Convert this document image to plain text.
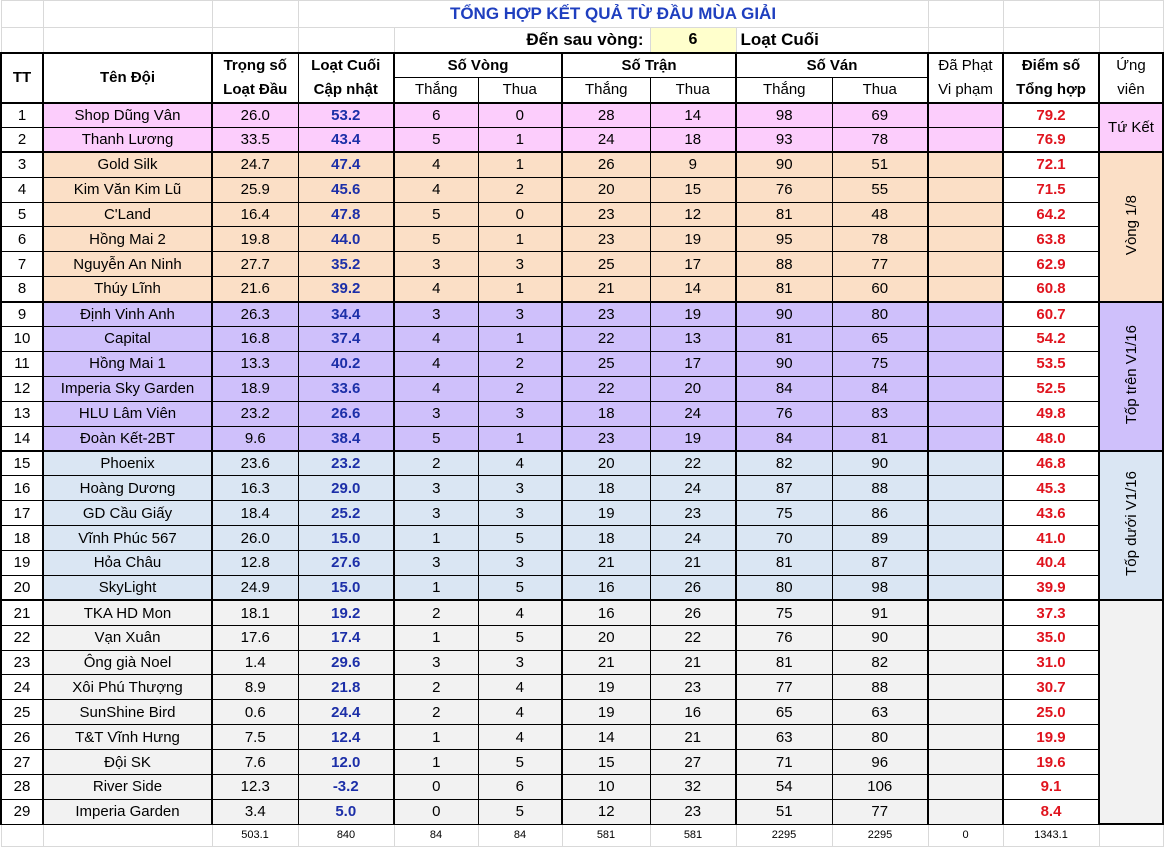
			TỔNG HỢP KẾT QUẢ TỪ ĐẦU MÙA GIẢI									
				Đến sau vòng:			6	Loạt Cuối				
TT	Tên Đội	Trọng số	Loạt Cuối	Số Vòng		Số Trận		Số Ván		Đã Phạt	Điểm số	Ứng
		Loạt Đầu	Cập nhật	Thắng	Thua	Thắng	Thua	Thắng	Thua	Vi phạm	Tổng hợp	viên
1	Shop Dũng Vân	26.0	53.2	6	0	28	14	98	69		79.2	Tứ Kết
2	Thanh Lương	33.5	43.4	5	1	24	18	93	78		76.9	
3	Gold Silk	24.7	47.4	4	1	26	9	90	51		72.1	Vòng 1/8
4	Kim Văn Kim Lũ	25.9	45.6	4	2	20	15	76	55		71.5	
5	C'Land	16.4	47.8	5	0	23	12	81	48		64.2	
6	Hồng Mai 2	19.8	44.0	5	1	23	19	95	78		63.8	
7	Nguyễn An Ninh	27.7	35.2	3	3	25	17	88	77		62.9	
8	Thúy Lĩnh	21.6	39.2	4	1	21	14	81	60		60.8	
9	Định Vinh Anh	26.3	34.4	3	3	23	19	90	80		60.7	Tốp trên V1/16
10	Capital	16.8	37.4	4	1	22	13	81	65		54.2	
11	Hồng Mai 1	13.3	40.2	4	2	25	17	90	75		53.5	
12	Imperia Sky Garden	18.9	33.6	4	2	22	20	84	84		52.5	
13	HLU Lâm Viên	23.2	26.6	3	3	18	24	76	83		49.8	
14	Đoàn Kết-2BT	9.6	38.4	5	1	23	19	84	81		48.0	
15	Phoenix	23.6	23.2	2	4	20	22	82	90		46.8	Tốp dưới V1/16
16	Hoàng Dương	16.3	29.0	3	3	18	24	87	88		45.3	
17	GD Cầu Giấy	18.4	25.2	3	3	19	23	75	86		43.6	
18	Vĩnh Phúc 567	26.0	15.0	1	5	18	24	70	89		41.0	
19	Hỏa Châu	12.8	27.6	3	3	21	21	81	87		40.4	
20	SkyLight	24.9	15.0	1	5	16	26	80	98		39.9	
21	TKA HD Mon	18.1	19.2	2	4	16	26	75	91		37.3	
22	Vạn Xuân	17.6	17.4	1	5	20	22	76	90		35.0	
23	Ông già Noel	1.4	29.6	3	3	21	21	81	82		31.0	
24	Xôi Phú Thượng	8.9	21.8	2	4	19	23	77	88		30.7	
25	SunShine Bird	0.6	24.4	2	4	19	16	65	63		25.0	
26	T&T Vĩnh Hưng	7.5	12.4	1	4	14	21	63	80		19.9	
27	Đội SK	7.6	12.0	1	5	15	27	71	96		19.6	
28	River Side	12.3	-3.2	0	6	10	32	54	106		9.1	
29	Imperia Garden	3.4	5.0	0	5	12	23	51	77		8.4	
		503.1	840	84	84	581	581	2295	2295	0	1343.1	
